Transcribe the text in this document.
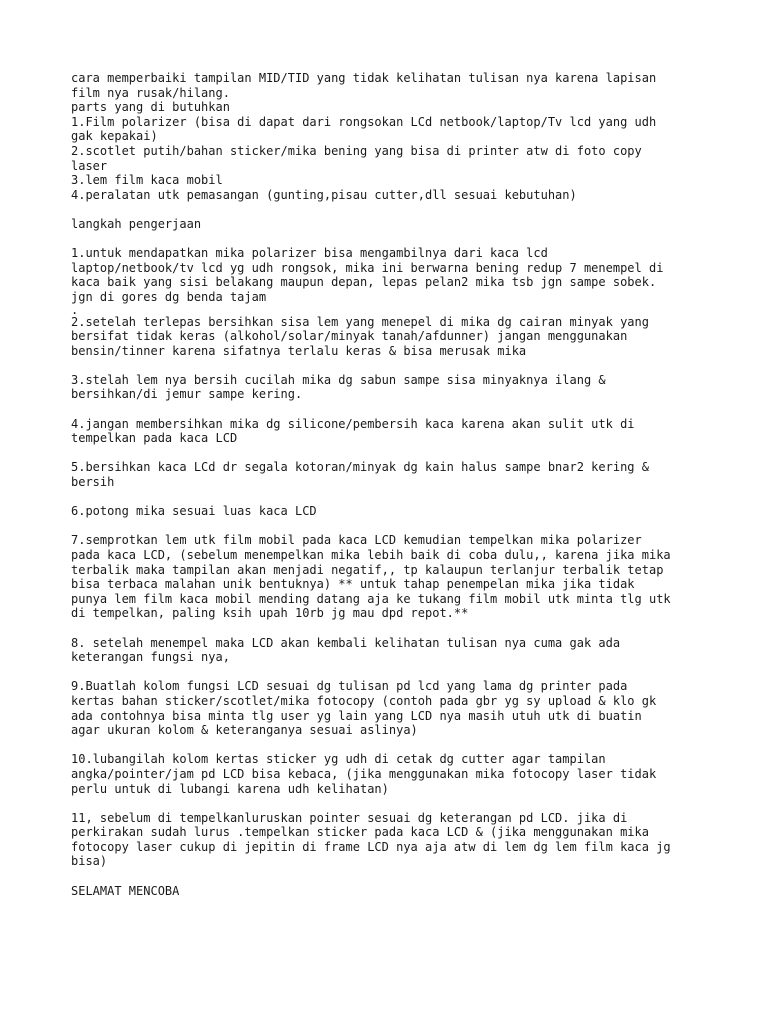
cara memperbaiki tampilan MID/TID yang tidak kelihatan tulisan nya karena lapisan
film nya rusak/hilang.
parts yang di butuhkan
1.Film polarizer (bisa di dapat dari rongsokan LCd netbook/laptop/Tv lcd yang udh
gak kepakai)
2.scotlet putih/bahan sticker/mika bening yang bisa di printer atw di foto copy
laser
3.lem film kaca mobil
4.peralatan utk pemasangan (gunting,pisau cutter,dll sesuai kebutuhan)
langkah pengerjaan
1.untuk mendapatkan mika polarizer bisa mengambilnya dari kaca lcd
laptop/netbook/tv lcd yg udh rongsok, mika ini berwarna bening redup 7 menempel di
kaca baik yang sisi belakang maupun depan, lepas pelan2 mika tsb jgn sampe sobek.
jgn di gores dg benda tajam
.
2.setelah terlepas bersihkan sisa lem yang menepel di mika dg cairan minyak yang
bersifat tidak keras (alkohol/solar/minyak tanah/afdunner) jangan menggunakan
bensin/tinner karena sifatnya terlalu keras & bisa merusak mika
3.stelah lem nya bersih cucilah mika dg sabun sampe sisa minyaknya ilang &
bersihkan/di jemur sampe kering.
4.jangan membersihkan mika dg silicone/pembersih kaca karena akan sulit utk di
tempelkan pada kaca LCD
5.bersihkan kaca LCd dr segala kotoran/minyak dg kain halus sampe bnar2 kering &
bersih
6.potong mika sesuai luas kaca LCD
7.semprotkan lem utk film mobil pada kaca LCD kemudian tempelkan mika polarizer
pada kaca LCD, (sebelum menempelkan mika lebih baik di coba dulu,, karena jika mika
terbalik maka tampilan akan menjadi negatif,, tp kalaupun terlanjur terbalik tetap
bisa terbaca malahan unik bentuknya) ** untuk tahap penempelan mika jika tidak
punya lem film kaca mobil mending datang aja ke tukang film mobil utk minta tlg utk
di tempelkan, paling ksih upah 10rb jg mau dpd repot.**
8. setelah menempel maka LCD akan kembali kelihatan tulisan nya cuma gak ada
keterangan fungsi nya,
9.Buatlah kolom fungsi LCD sesuai dg tulisan pd lcd yang lama dg printer pada
kertas bahan sticker/scotlet/mika fotocopy (contoh pada gbr yg sy upload & klo gk
ada contohnya bisa minta tlg user yg lain yang LCD nya masih utuh utk di buatin
agar ukuran kolom & keteranganya sesuai aslinya)
10.lubangilah kolom kertas sticker yg udh di cetak dg cutter agar tampilan
angka/pointer/jam pd LCD bisa kebaca, (jika menggunakan mika fotocopy laser tidak
perlu untuk di lubangi karena udh kelihatan)
11, sebelum di tempelkanluruskan pointer sesuai dg keterangan pd LCD. jika di
perkirakan sudah lurus .tempelkan sticker pada kaca LCD & (jika menggunakan mika
fotocopy laser cukup di jepitin di frame LCD nya aja atw di lem dg lem film kaca jg
bisa)
SELAMAT MENCOBA
